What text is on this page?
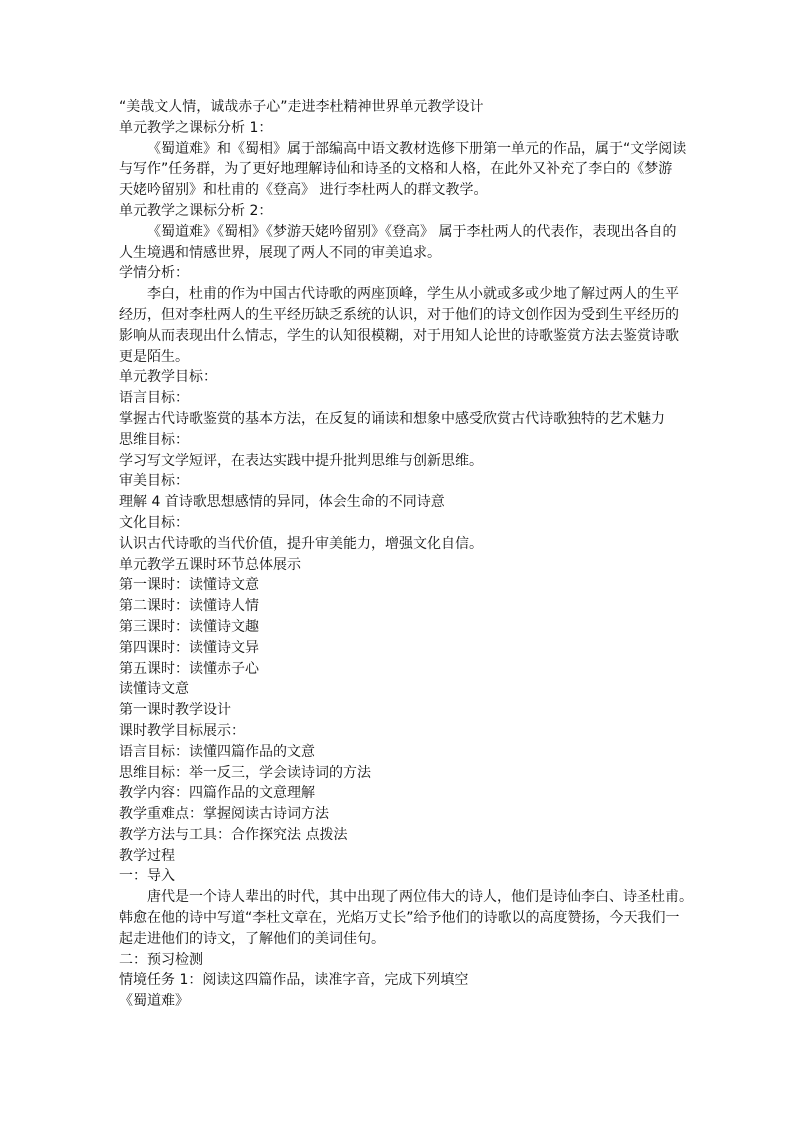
“美哉文人情，诚哉赤子心”走进李杜精神世界单元教学设计
单元教学之课标分析 1：
《蜀道难》和《蜀相》属于部编高中语文教材选修下册第一单元的作品，属于“文学阅读
与写作”任务群，为了更好地理解诗仙和诗圣的文格和人格，在此外又补充了李白的《梦游
天姥吟留别》和杜甫的《登高》 进行李杜两人的群文教学。
单元教学之课标分析 2：
《蜀道难》《蜀相》《梦游天姥吟留别》《登高》 属于李杜两人的代表作，表现出各自的
人生境遇和情感世界，展现了两人不同的审美追求。
学情分析：
李白，杜甫的作为中国古代诗歌的两座顶峰，学生从小就或多或少地了解过两人的生平
经历，但对李杜两人的生平经历缺乏系统的认识，对于他们的诗文创作因为受到生平经历的
影响从而表现出什么情志，学生的认知很模糊，对于用知人论世的诗歌鉴赏方法去鉴赏诗歌
更是陌生。
单元教学目标：
语言目标：
掌握古代诗歌鉴赏的基本方法，在反复的诵读和想象中感受欣赏古代诗歌独特的艺术魅力
思维目标：
学习写文学短评，在表达实践中提升批判思维与创新思维。
审美目标：
理解 4 首诗歌思想感情的异同，体会生命的不同诗意
文化目标：
认识古代诗歌的当代价值，提升审美能力，增强文化自信。
单元教学五课时环节总体展示
第一课时：读懂诗文意
第二课时：读懂诗人情
第三课时：读懂诗文趣
第四课时：读懂诗文异
第五课时：读懂赤子心
读懂诗文意
第一课时教学设计
课时教学目标展示：
语言目标：读懂四篇作品的文意
思维目标：举一反三，学会读诗词的方法
教学内容：四篇作品的文意理解
教学重难点：掌握阅读古诗词方法
教学方法与工具：合作探究法 点拨法
教学过程
一：导入
唐代是一个诗人辈出的时代，其中出现了两位伟大的诗人，他们是诗仙李白、诗圣杜甫。
韩愈在他的诗中写道“李杜文章在，光焰万丈长”给予他们的诗歌以的高度赞扬，今天我们一
起走进他们的诗文，了解他们的美词佳句。
二：预习检测
情境任务 1：阅读这四篇作品，读准字音，完成下列填空
《蜀道难》
